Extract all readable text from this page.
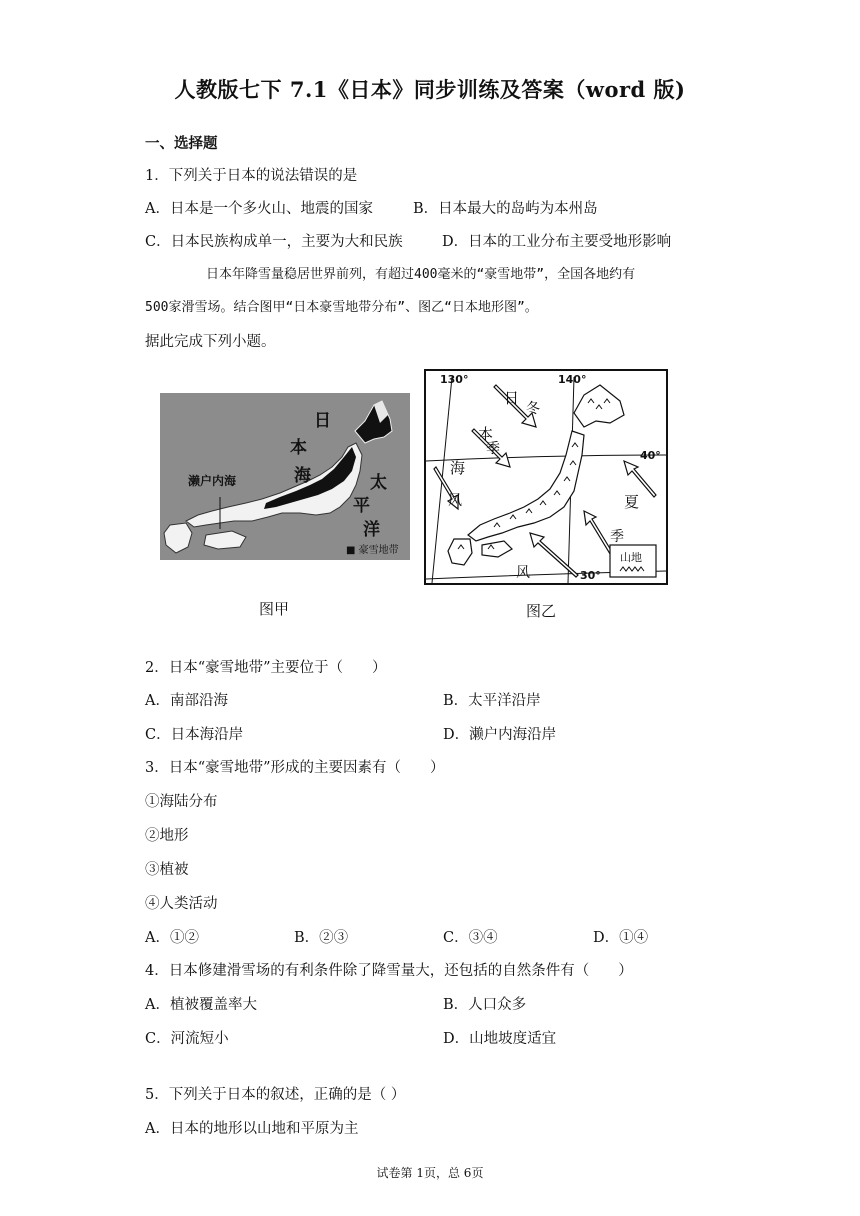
人教版七下 7.1《日本》同步训练及答案（word 版)
一、选择题
1．下列关于日本的说法错误的是
A．日本是一个多火山、地震的国家	B．日本最大的岛屿为本州岛
C．日本民族构成单一，主要为大和民族	D．日本的工业分布主要受地形影响
日本年降雪量稳居世界前列，有超过400毫米的“豪雪地带”，全国各地约有
500家滑雪场。结合图甲“日本豪雪地带分布”、图乙“日本地形图”。
据此完成下列小题。
日
本
海	太
平
洋
濑户内海
■ 豪雪地带
图甲
130°	140°
40°
30°
日
本
海
冬
季
风	夏
季
风
山地
图乙
2．日本“豪雪地带”主要位于（　　）
A．南部沿海	B．太平洋沿岸
C．日本海沿岸	D．濑户内海沿岸
3．日本“豪雪地带”形成的主要因素有（　　）
①海陆分布
②地形
③植被
④人类活动
A．①②	B．②③	C．③④	D．①④
4．日本修建滑雪场的有利条件除了降雪量大，还包括的自然条件有（　　）
A．植被覆盖率大	B．人口众多
C．河流短小	D．山地坡度适宜
5．下列关于日本的叙述，正确的是（ ）
A．日本的地形以山地和平原为主
试卷第 1页，总 6页
